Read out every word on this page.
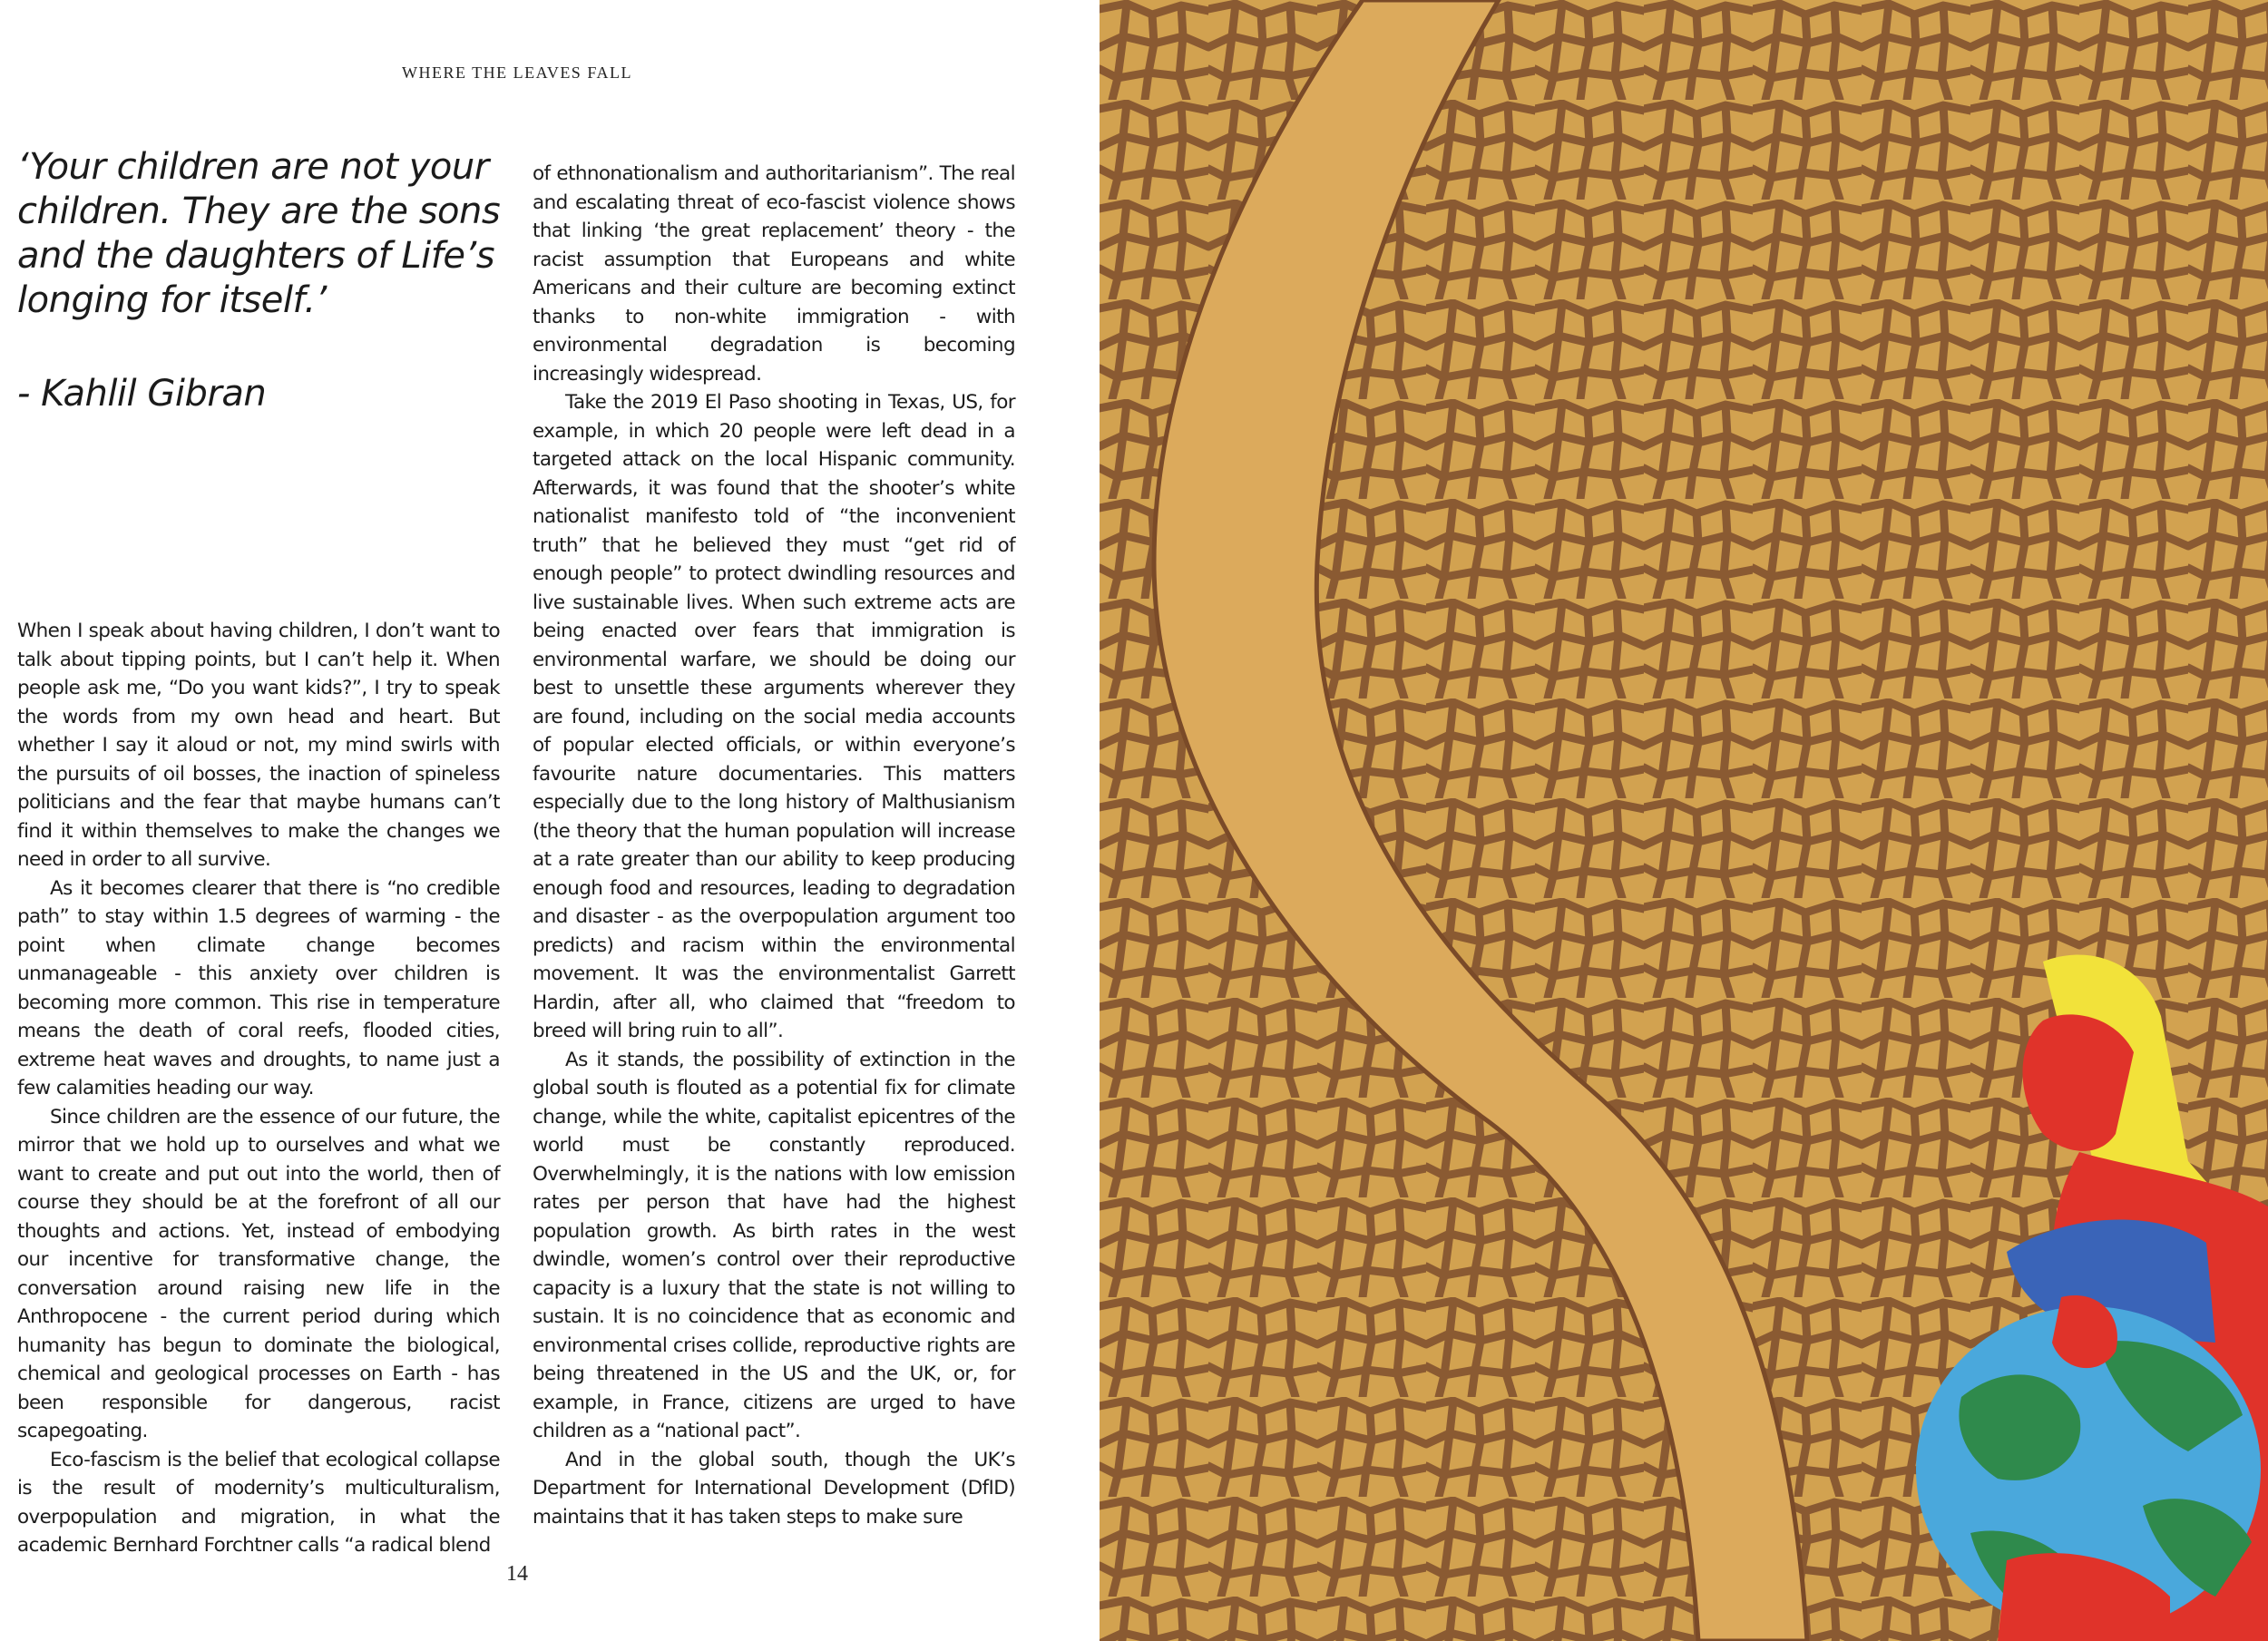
WHERE THE LEAVES FALL
‘Your children are not your children. They are the sons and the daughters of Life’s longing for itself.’
- Kahlil Gibran

When I speak about having children, I don’t want to talk about tipping points, but I can’t help it. When people ask me, “Do you want kids?”, I try to speak the words from my own head and heart. But whether I say it aloud or not, my mind swirls with the pursuits of oil bosses, the inaction of spineless politicians and the fear that maybe humans can’t find it within themselves to make the changes we need in order to all survive.

As it becomes clearer that there is “no credible path” to stay within 1.5 degrees of warming - the point when climate change becomes unmanageable - this anxiety over children is becoming more common. This rise in temperature means the death of coral reefs, flooded cities, extreme heat waves and droughts, to name just a few calamities heading our way.

Since children are the essence of our future, the mirror that we hold up to ourselves and what we want to create and put out into the world, then of course they should be at the forefront of all our thoughts and actions. Yet, instead of embodying our incentive for transformative change, the conversation around raising new life in the Anthropocene - the current period during which humanity has begun to dominate the biological, chemical and geological processes on Earth - has been responsible for dangerous, racist scapegoating.

Eco-fascism is the belief that ecological collapse is the result of modernity’s multiculturalism, overpopulation and migration, in what the academic Bernhard Forchtner calls “a radical blend

of ethnonationalism and authoritarianism”. The real and escalating threat of eco-fascist violence shows that linking ‘the great replacement’ theory - the racist assumption that Europeans and white Americans and their culture are becoming extinct thanks to non-white immigration - with environmental degradation is becoming increasingly widespread.

Take the 2019 El Paso shooting in Texas, US, for example, in which 20 people were left dead in a targeted attack on the local Hispanic community. Afterwards, it was found that the shooter’s white nationalist manifesto told of “the inconvenient truth” that he believed they must “get rid of enough people” to protect dwindling resources and live sustainable lives. When such extreme acts are being enacted over fears that immigration is environmental warfare, we should be doing our best to unsettle these arguments wherever they are found, including on the social media accounts of popular elected officials, or within everyone’s favourite nature documentaries. This matters especially due to the long history of Malthusianism (the theory that the human population will increase at a rate greater than our ability to keep producing enough food and resources, leading to degradation and disaster - as the overpopulation argument too predicts) and racism within the environmental movement. It was the environmentalist Garrett Hardin, after all, who claimed that “freedom to breed will bring ruin to all”.

As it stands, the possibility of extinction in the global south is flouted as a potential fix for climate change, while the white, capitalist epicentres of the world must be constantly reproduced. Overwhelmingly, it is the nations with low emission rates per person that have had the highest population growth. As birth rates in the west dwindle, women’s control over their reproductive capacity is a luxury that the state is not willing to sustain. It is no coincidence that as economic and environmental crises collide, reproductive rights are being threatened in the US and the UK, or, for example, in France, citizens are urged to have children as a “national pact”.

And in the global south, though the UK’s Department for International Development (DfID) maintains that it has taken steps to make sure

14
